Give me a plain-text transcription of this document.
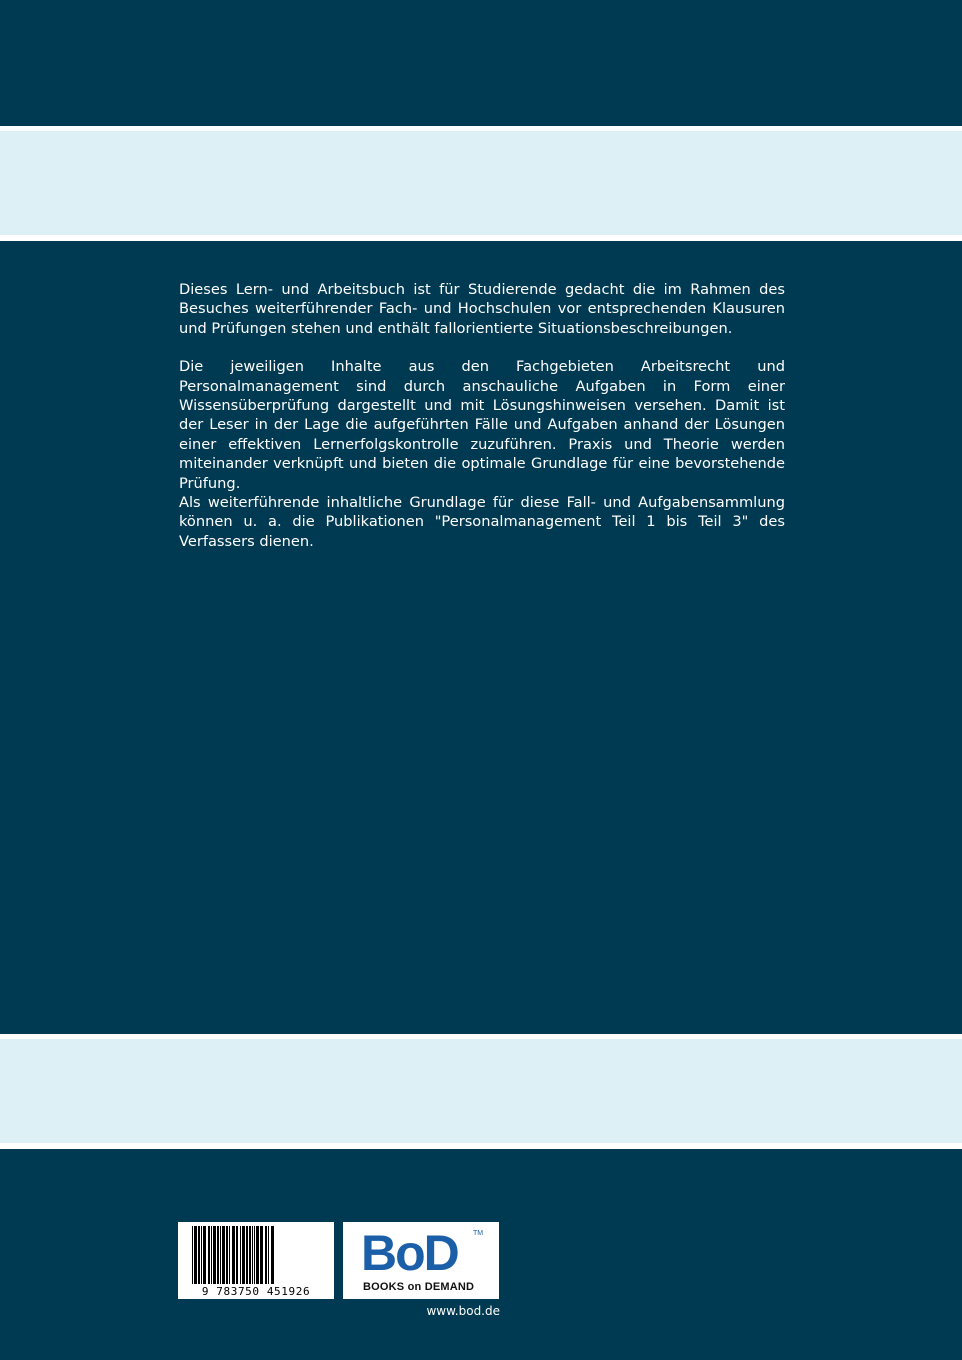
Dieses Lern- und Arbeitsbuch ist für Studierende gedacht die im Rahmen des Besuches weiterführender Fach- und Hochschulen vor entsprechenden Klausuren und Prüfungen stehen und enthält fallorientierte Situationsbeschreibungen.

Die jeweiligen Inhalte aus den Fachgebieten Arbeitsrecht und Personalmanagement sind durch anschauliche Aufgaben in Form einer Wissensüberprüfung dargestellt und mit Lösungshinweisen versehen. Damit ist der Leser in der Lage die aufgeführten Fälle und Aufgaben anhand der Lösungen einer effektiven Lernerfolgskontrolle zuzuführen. Praxis und Theorie werden miteinander verknüpft und bieten die optimale Grundlage für eine bevorstehende Prüfung.

Als weiterführende inhaltliche Grundlage für diese Fall- und Aufgabensammlung können u. a. die Publikationen "Personalmanagement Teil 1 bis Teil 3" des Verfassers dienen.

9 783750 451926
BoD TM
BOOKS on DEMAND
www.bod.de
